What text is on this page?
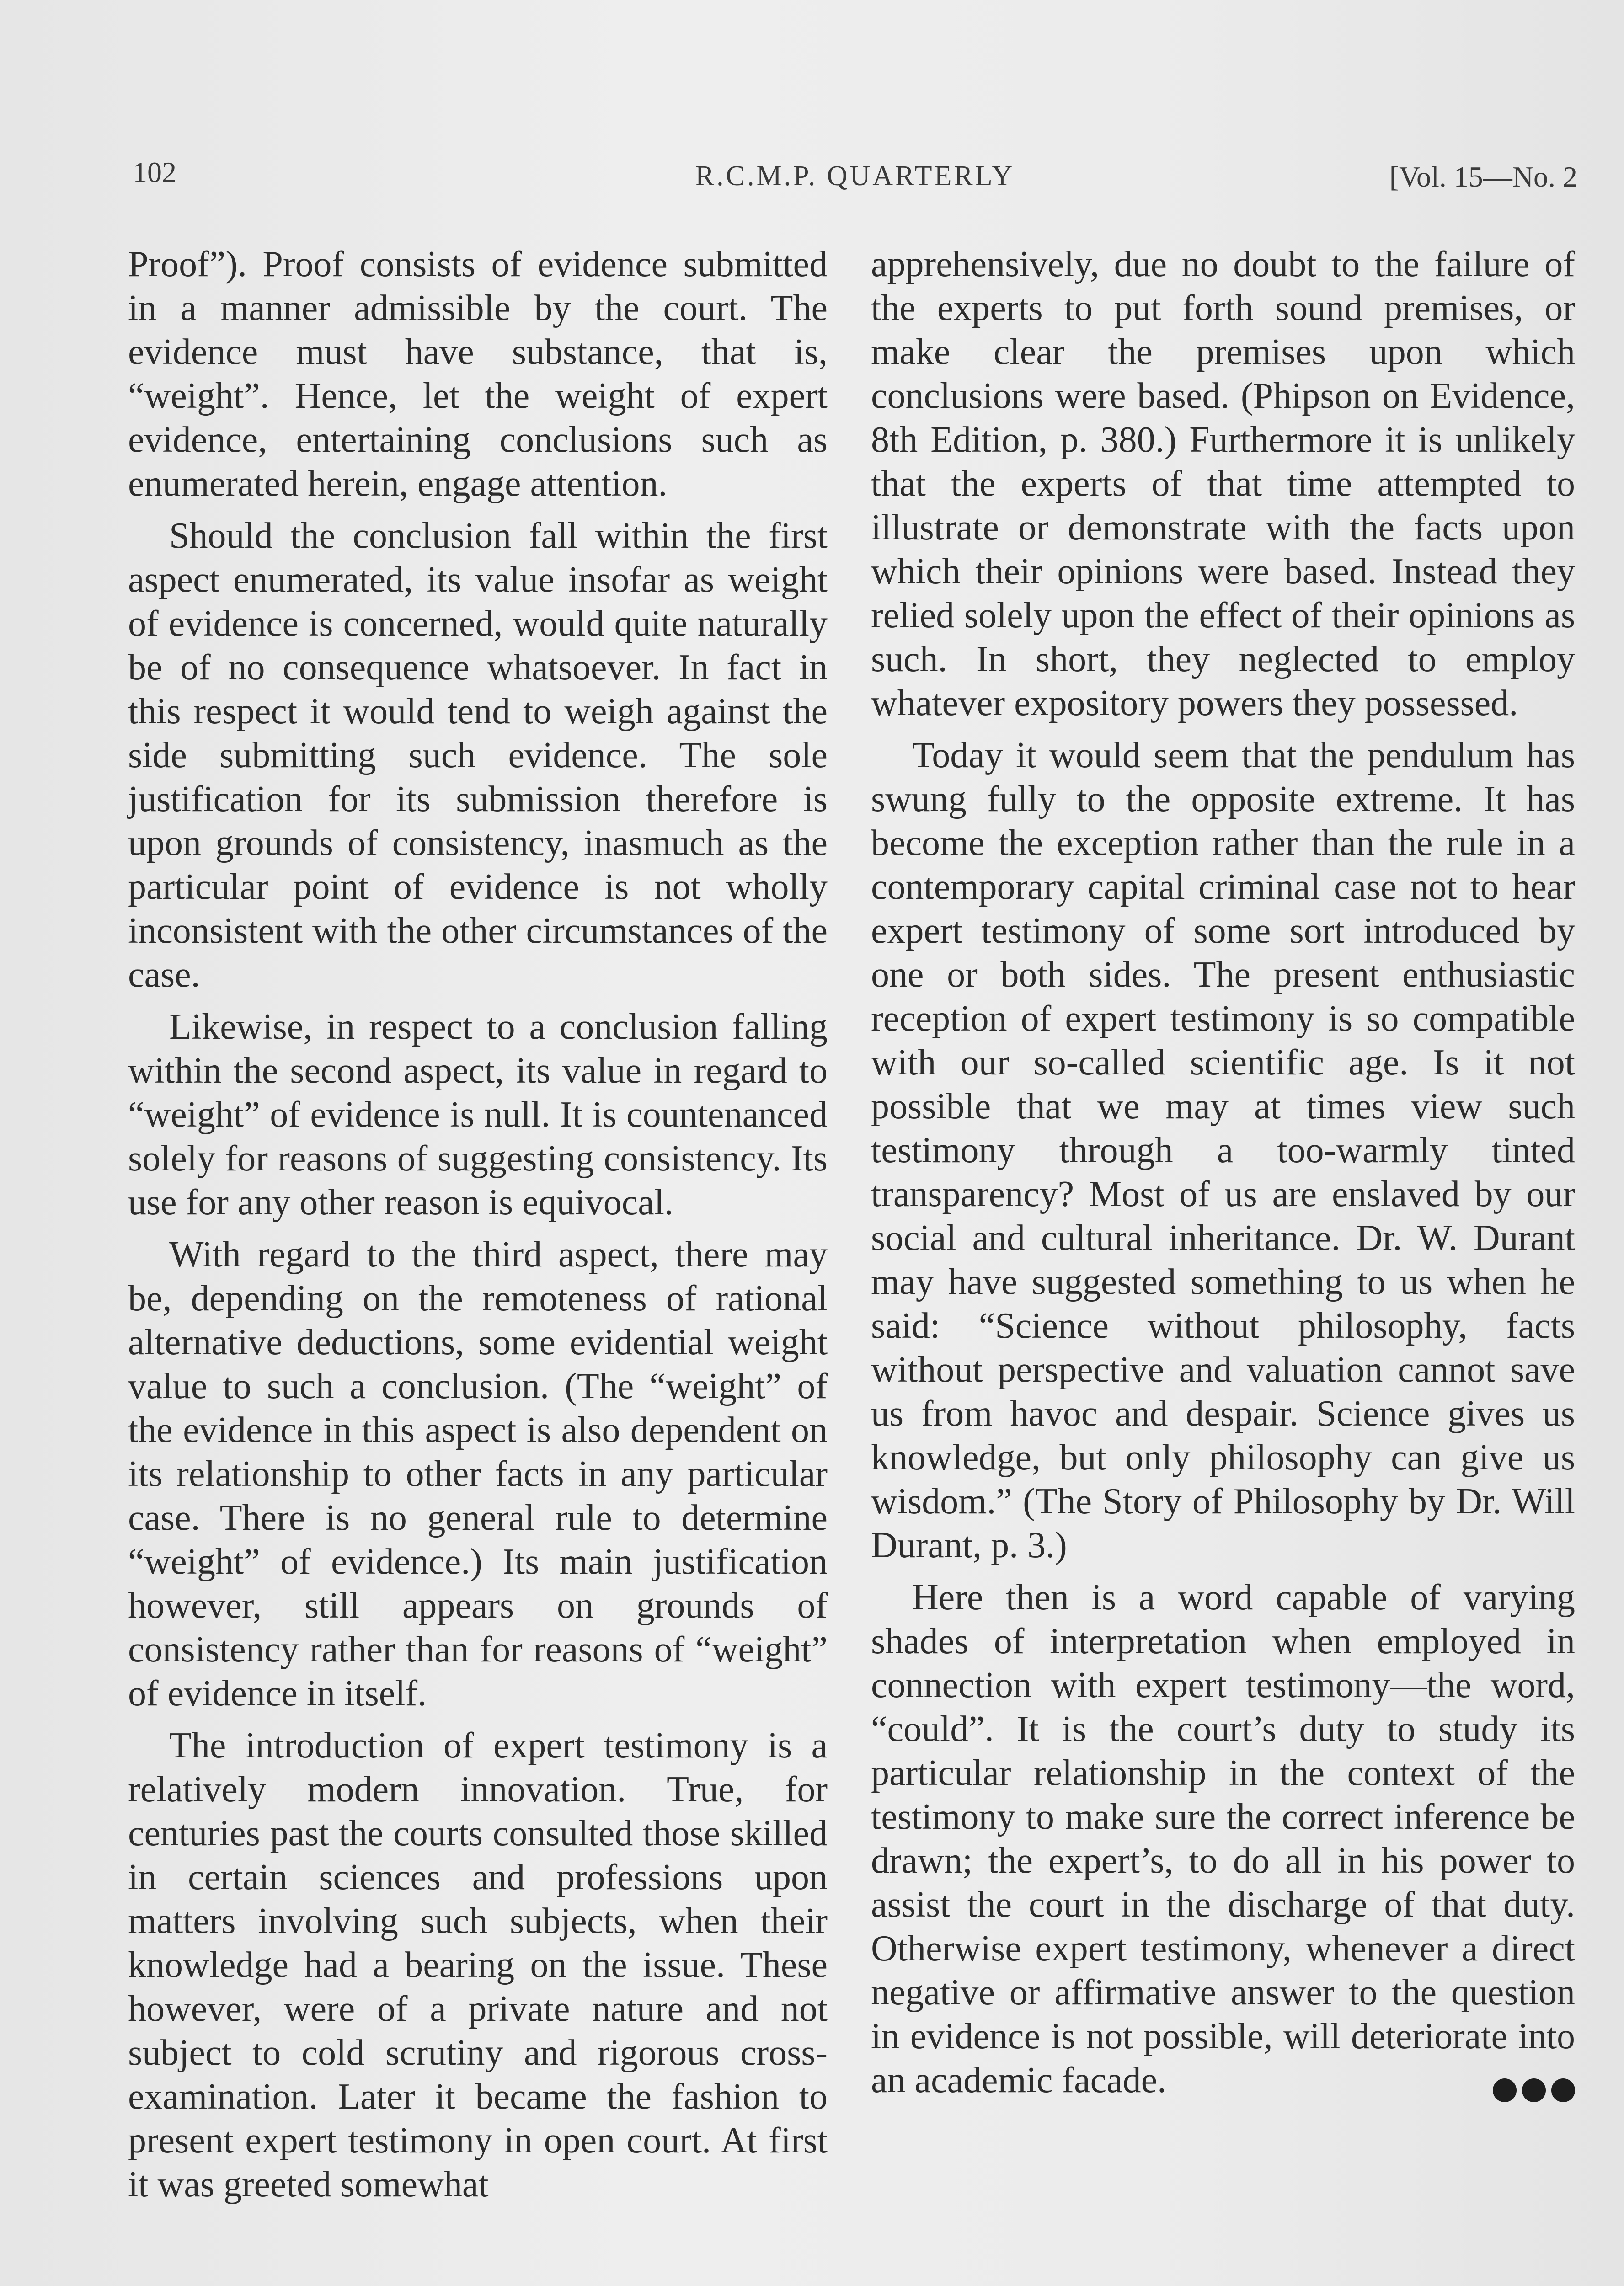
102	R.C.M.P. QUARTERLY	[Vol. 15—No. 2

Proof”). Proof consists of evidence submitted in a manner admissible by the court. The evidence must have substance, that is, “weight”. Hence, let the weight of expert evidence, entertaining conclusions such as enumerated herein, engage attention.

Should the conclusion fall within the first aspect enumerated, its value insofar as weight of evidence is concerned, would quite naturally be of no consequence whatsoever. In fact in this respect it would tend to weigh against the side submitting such evidence. The sole justification for its submission therefore is upon grounds of consistency, inasmuch as the particular point of evidence is not wholly inconsistent with the other circumstances of the case.

Likewise, in respect to a conclusion falling within the second aspect, its value in regard to “weight” of evidence is null. It is countenanced solely for reasons of suggesting consistency. Its use for any other reason is equivocal.

With regard to the third aspect, there may be, depending on the remoteness of rational alternative deductions, some evidential weight value to such a conclusion. (The “weight” of the evidence in this aspect is also dependent on its relationship to other facts in any particular case. There is no general rule to determine “weight” of evidence.) Its main justification however, still appears on grounds of consistency rather than for reasons of “weight” of evidence in itself.

The introduction of expert testimony is a relatively modern innovation. True, for centuries past the courts consulted those skilled in certain sciences and professions upon matters involving such subjects, when their knowledge had a bearing on the issue. These however, were of a private nature and not subject to cold scrutiny and rigorous cross-examination. Later it became the fashion to present expert testimony in open court. At first it was greeted somewhat

apprehensively, due no doubt to the failure of the experts to put forth sound premises, or make clear the premises upon which conclusions were based. (Phipson on Evidence, 8th Edition, p. 380.) Furthermore it is unlikely that the experts of that time attempted to illustrate or demonstrate with the facts upon which their opinions were based. Instead they relied solely upon the effect of their opinions as such. In short, they neglected to employ whatever expository powers they possessed.

Today it would seem that the pendulum has swung fully to the opposite extreme. It has become the exception rather than the rule in a contemporary capital criminal case not to hear expert testimony of some sort introduced by one or both sides. The present enthusiastic reception of expert testimony is so compatible with our so-called scientific age. Is it not possible that we may at times view such testimony through a too-warmly tinted transparency? Most of us are enslaved by our social and cultural inheritance. Dr. W. Durant may have suggested something to us when he said: “Science without philosophy, facts without perspective and valuation cannot save us from havoc and despair. Science gives us knowledge, but only philosophy can give us wisdom.” (The Story of Philosophy by Dr. Will Durant, p. 3.)

Here then is a word capable of varying shades of interpretation when employed in connection with expert testimony—the word, “could”. It is the court’s duty to study its particular relationship in the context of the testimony to make sure the correct inference be drawn; the expert’s, to do all in his power to assist the court in the discharge of that duty. Otherwise expert testimony, whenever a direct negative or affirmative answer to the question in evidence is not possible, will deteriorate into an academic facade.
